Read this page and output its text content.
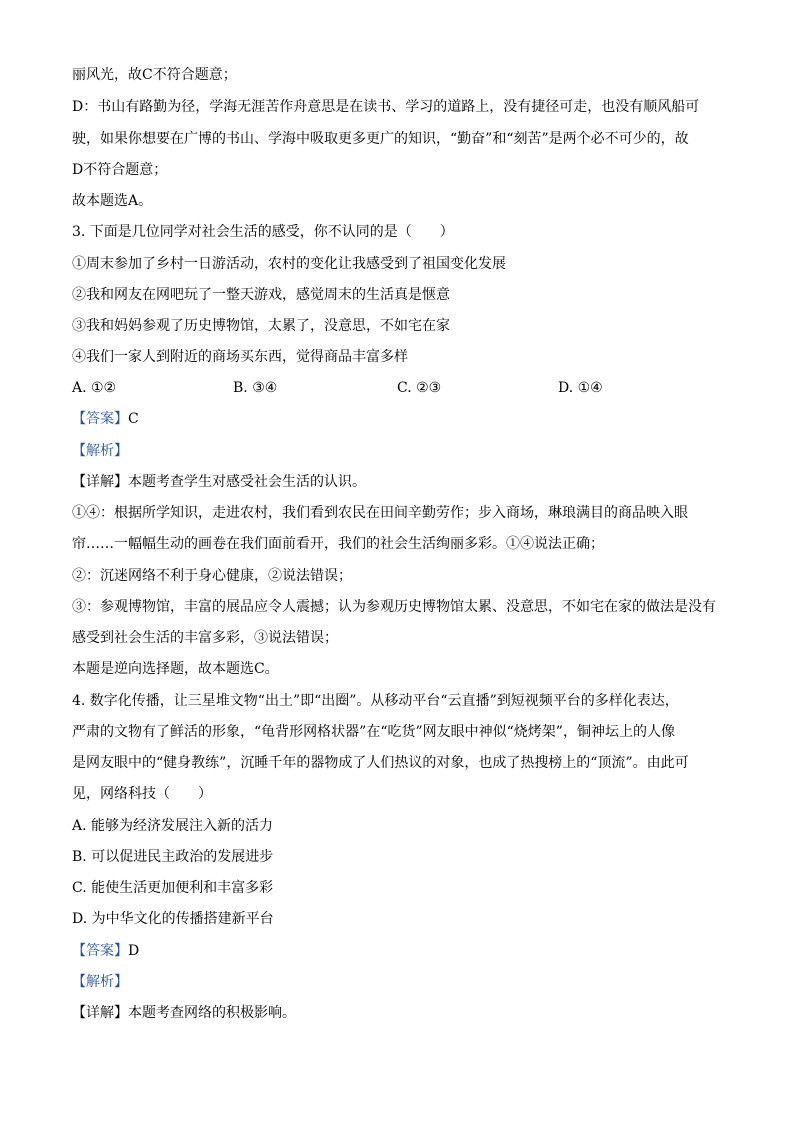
丽风光，故C不符合题意；
D：书山有路勤为径，学海无涯苦作舟意思是在读书、学习的道路上，没有捷径可走，也没有顺风船可
驶，如果你想要在广博的书山、学海中吸取更多更广的知识，“勤奋”和“刻苦”是两个必不可少的，故
D不符合题意；
故本题选A。
3. 下面是几位同学对社会生活的感受，你不认同的是（　　）
①周末参加了乡村一日游活动，农村的变化让我感受到了祖国变化发展
②我和网友在网吧玩了一整天游戏，感觉周末的生活真是惬意
③我和妈妈参观了历史博物馆，太累了，没意思，不如宅在家
④我们一家人到附近的商场买东西，觉得商品丰富多样
A. ①②	B. ③④	C. ②③	D. ①④
【答案】C
【解析】
【详解】本题考查学生对感受社会生活的认识。
①④：根据所学知识，走进农村，我们看到农民在田间辛勤劳作；步入商场，琳琅满目的商品映入眼
帘……一幅幅生动的画卷在我们面前看开，我们的社会生活绚丽多彩。①④说法正确；
②：沉迷网络不利于身心健康，②说法错误；
③：参观博物馆，丰富的展品应令人震撼；认为参观历史博物馆太累、没意思，不如宅在家的做法是没有
感受到社会生活的丰富多彩，③说法错误；
本题是逆向选择题，故本题选C。
4. 数字化传播，让三星堆文物“出土”即“出圈”。从移动平台“云直播”到短视频平台的多样化表达，
严肃的文物有了鲜活的形象，“龟背形网格状器”在“吃货”网友眼中神似“烧烤架”，铜神坛上的人像
是网友眼中的“健身教练”，沉睡千年的器物成了人们热议的对象，也成了热搜榜上的“顶流”。由此可
见，网络科技（　　）
A. 能够为经济发展注入新的活力
B. 可以促进民主政治的发展进步
C. 能使生活更加便利和丰富多彩
D. 为中华文化的传播搭建新平台
【答案】D
【解析】
【详解】本题考查网络的积极影响。
